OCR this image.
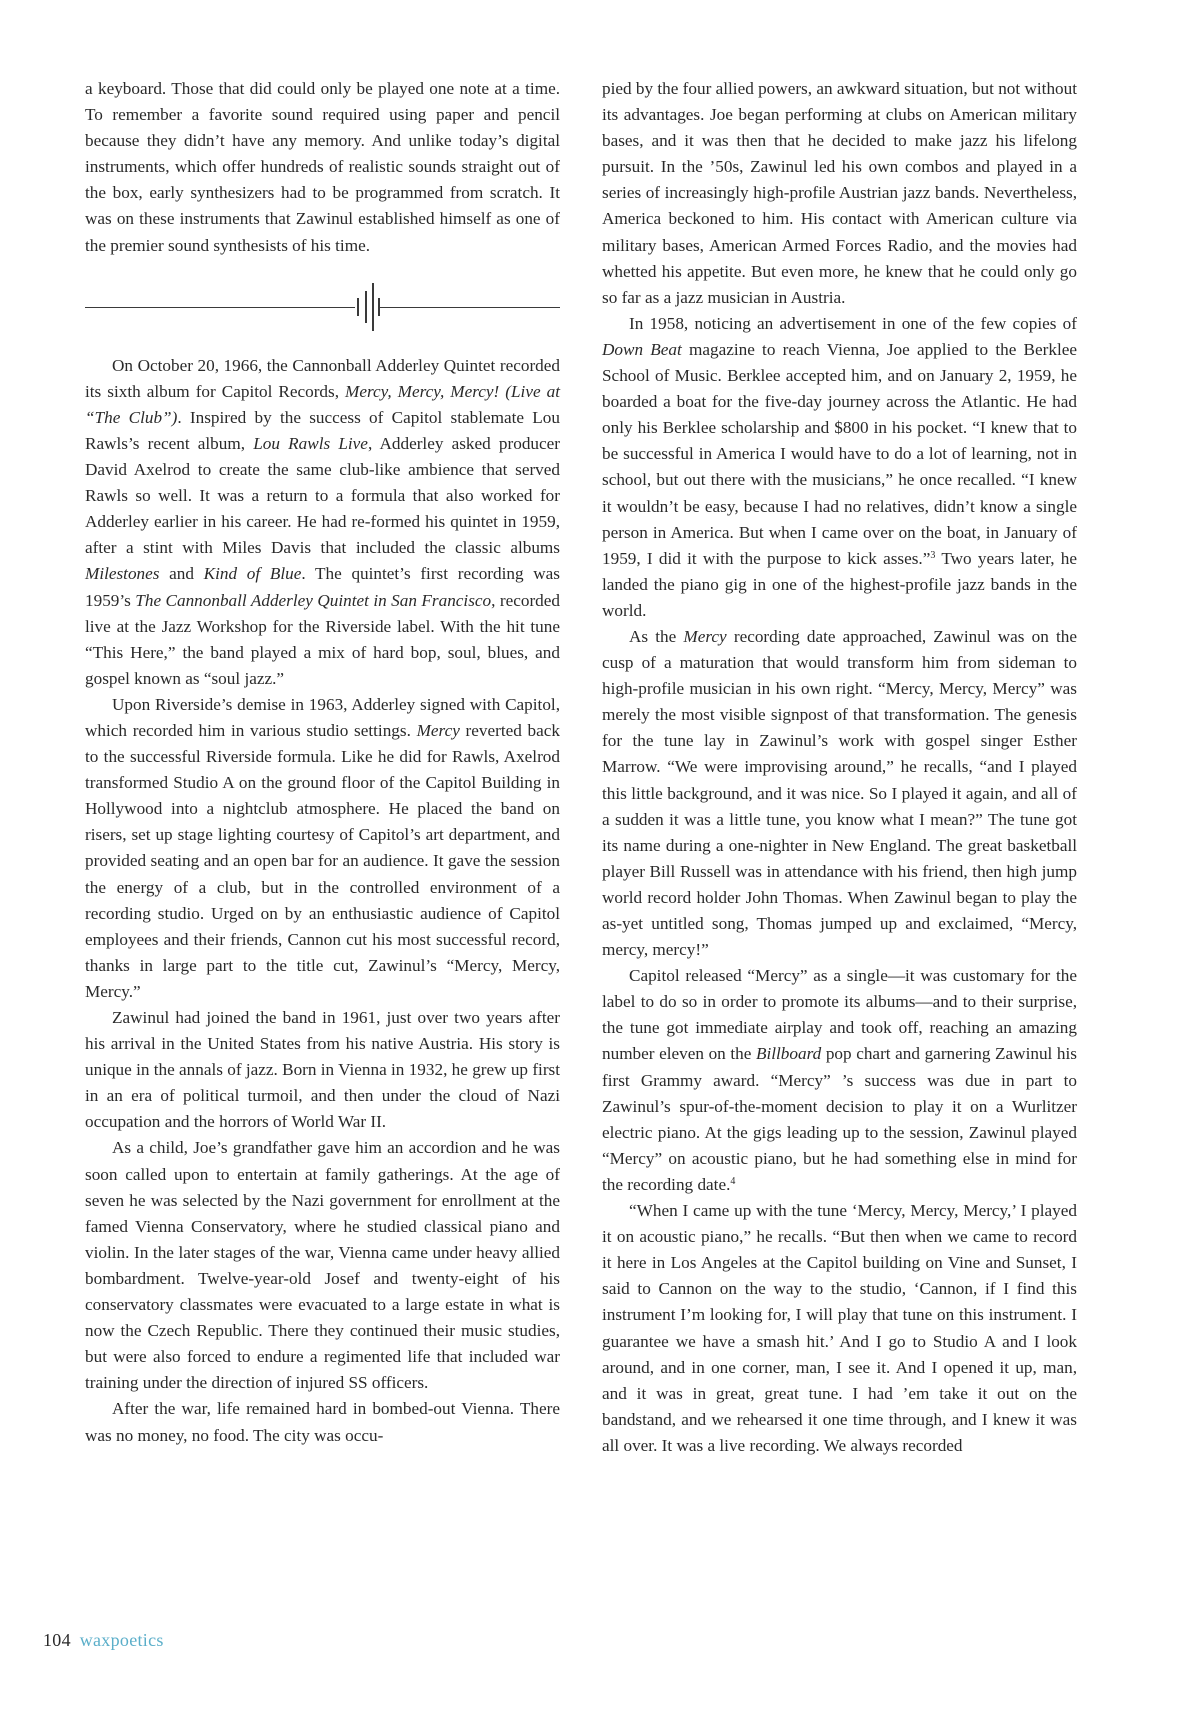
a keyboard. Those that did could only be played one note at a time. To remember a favorite sound required using paper and pencil because they didn’t have any memory. And unlike today’s digital instruments, which offer hundreds of realistic sounds straight out of the box, early synthesizers had to be programmed from scratch. It was on these instruments that Zawinul established himself as one of the premier sound synthesists of his time.

On October 20, 1966, the Cannonball Adderley Quintet recorded its sixth album for Capitol Records, Mercy, Mercy, Mercy! (Live at “The Club”). Inspired by the success of Capitol stablemate Lou Rawls’s recent album, Lou Rawls Live, Adderley asked producer David Axelrod to create the same club-like ambience that served Rawls so well. It was a return to a formula that also worked for Adderley earlier in his career. He had re-formed his quintet in 1959, after a stint with Miles Davis that included the classic albums Milestones and Kind of Blue. The quintet’s first recording was 1959’s The Cannonball Adderley Quintet in San Francisco, recorded live at the Jazz Workshop for the Riverside label. With the hit tune “This Here,” the band played a mix of hard bop, soul, blues, and gospel known as “soul jazz.”

Upon Riverside’s demise in 1963, Adderley signed with Capitol, which recorded him in various studio settings. Mercy reverted back to the successful Riverside formula. Like he did for Rawls, Axelrod transformed Studio A on the ground floor of the Capitol Building in Hollywood into a nightclub atmosphere. He placed the band on risers, set up stage lighting courtesy of Capitol’s art department, and provided seating and an open bar for an audience. It gave the session the energy of a club, but in the controlled environment of a recording studio. Urged on by an enthusiastic audience of Capitol employees and their friends, Cannon cut his most successful record, thanks in large part to the title cut, Zawinul’s “Mercy, Mercy, Mercy.”

Zawinul had joined the band in 1961, just over two years after his arrival in the United States from his native Austria. His story is unique in the annals of jazz. Born in Vienna in 1932, he grew up first in an era of political turmoil, and then under the cloud of Nazi occupation and the horrors of World War II.

As a child, Joe’s grandfather gave him an accordion and he was soon called upon to entertain at family gatherings. At the age of seven he was selected by the Nazi government for enrollment at the famed Vienna Conservatory, where he studied classical piano and violin. In the later stages of the war, Vienna came under heavy allied bombardment. Twelve-year-old Josef and twenty-eight of his conservatory classmates were evacuated to a large estate in what is now the Czech Republic. There they continued their music studies, but were also forced to endure a regimented life that included war training under the direction of injured SS officers.

After the war, life remained hard in bombed-out Vienna. There was no money, no food. The city was occu-

pied by the four allied powers, an awkward situation, but not without its advantages. Joe began performing at clubs on American military bases, and it was then that he decided to make jazz his lifelong pursuit. In the ’50s, Zawinul led his own combos and played in a series of increasingly high-profile Austrian jazz bands. Nevertheless, America beckoned to him. His contact with American culture via military bases, American Armed Forces Radio, and the movies had whetted his appetite. But even more, he knew that he could only go so far as a jazz musician in Austria.

In 1958, noticing an advertisement in one of the few copies of Down Beat magazine to reach Vienna, Joe applied to the Berklee School of Music. Berklee accepted him, and on January 2, 1959, he boarded a boat for the five-day journey across the Atlantic. He had only his Berklee scholarship and $800 in his pocket. “I knew that to be successful in America I would have to do a lot of learning, not in school, but out there with the musicians,” he once recalled. “I knew it wouldn’t be easy, because I had no relatives, didn’t know a single person in America. But when I came over on the boat, in January of 1959, I did it with the purpose to kick asses.”$^3$ Two years later, he landed the piano gig in one of the highest-profile jazz bands in the world.

As the Mercy recording date approached, Zawinul was on the cusp of a maturation that would transform him from sideman to high-profile musician in his own right. “Mercy, Mercy, Mercy” was merely the most visible signpost of that transformation. The genesis for the tune lay in Zawinul’s work with gospel singer Esther Marrow. “We were improvising around,” he recalls, “and I played this little background, and it was nice. So I played it again, and all of a sudden it was a little tune, you know what I mean?” The tune got its name during a one-nighter in New England. The great basketball player Bill Russell was in attendance with his friend, then high jump world record holder John Thomas. When Zawinul began to play the as-yet untitled song, Thomas jumped up and exclaimed, “Mercy, mercy, mercy!”

Capitol released “Mercy” as a single—it was customary for the label to do so in order to promote its albums—and to their surprise, the tune got immediate airplay and took off, reaching an amazing number eleven on the Billboard pop chart and garnering Zawinul his first Grammy award. “Mercy” ’s success was due in part to Zawinul’s spur-of-the-moment decision to play it on a Wurlitzer electric piano. At the gigs leading up to the session, Zawinul played “Mercy” on acoustic piano, but he had something else in mind for the recording date.$^4$

“When I came up with the tune ‘Mercy, Mercy, Mercy,’ I played it on acoustic piano,” he recalls. “But then when we came to record it here in Los Angeles at the Capitol building on Vine and Sunset, I said to Cannon on the way to the studio, ‘Cannon, if I find this instrument I’m looking for, I will play that tune on this instrument. I guarantee we have a smash hit.’ And I go to Studio A and I look around, and in one corner, man, I see it. And I opened it up, man, and it was in great, great tune. I had ’em take it out on the bandstand, and we rehearsed it one time through, and I knew it was all over. It was a live recording. We always recorded

104 waxpoetics
